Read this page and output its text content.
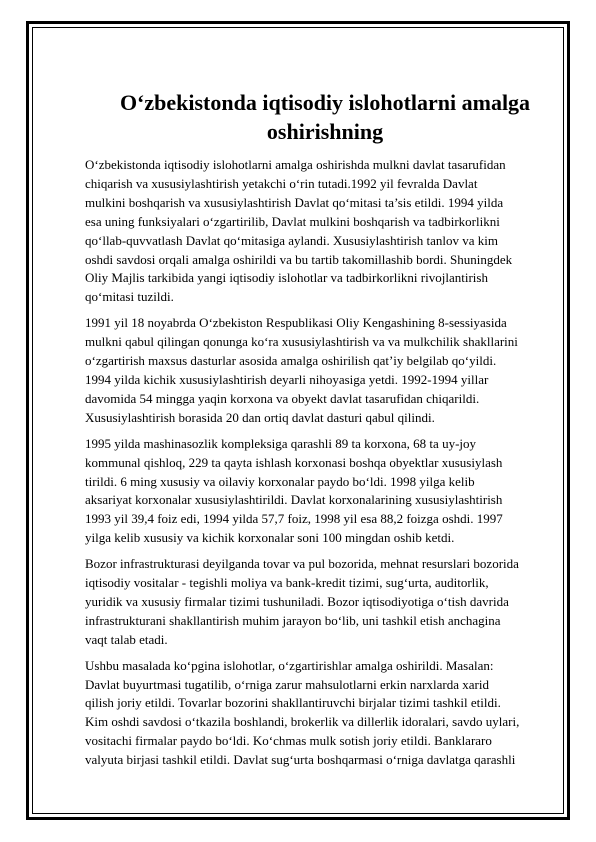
O‘zbekistonda iqtisodiy islohotlarni amalga
oshirishning

O‘zbekistonda iqtisodiy islohotlarni amalga oshirishda mulkni davlat tasarufidan
chiqarish va xususiylashtirish yetakchi o‘rin tutadi.1992 yil fevralda Davlat
mulkini boshqarish va xususiylashtirish Davlat qo‘mitasi ta’sis etildi. 1994 yilda
esa uning funksiyalari o‘zgartirilib, Davlat mulkini boshqarish va tadbirkorlikni
qo‘llab-quvvatlash Davlat qo‘mitasiga aylandi. Xususiylashtirish tanlov va kim
oshdi savdosi orqali amalga oshirildi va bu tartib takomillashib bordi. Shuningdek
Oliy Majlis tarkibida yangi iqtisodiy islohotlar va tadbirkorlikni rivojlantirish
qo‘mitasi tuzildi.

1991 yil 18 noyabrda O‘zbekiston Respublikasi Oliy Kengashining 8-sessiyasida
mulkni qabul qilingan qonunga ko‘ra xususiylashtirish va va mulkchilik shakllarini
o‘zgartirish maxsus dasturlar asosida amalga oshirilish qat’iy belgilab qo‘yildi.
1994 yilda kichik xususiylashtirish deyarli nihoyasiga yetdi. 1992-1994 yillar
davomida 54 mingga yaqin korxona va obyekt davlat tasarufidan chiqarildi.
Xususiylashtirish borasida 20 dan ortiq davlat dasturi qabul qilindi.

1995 yilda mashinasozlik kompleksiga qarashli 89 ta korxona, 68 ta uy-joy
kommunal qishloq, 229 ta qayta ishlash korxonasi boshqa obyektlar xususiylash
tirildi. 6 ming xususiy va oilaviy korxonalar paydo bo‘ldi. 1998 yilga kelib
aksariyat korxonalar xususiylashtirildi. Davlat korxonalarining xususiylashtirish
1993 yil 39,4 foiz edi, 1994 yilda 57,7 foiz, 1998 yil esa 88,2 foizga oshdi. 1997
yilga kelib xususiy va kichik korxonalar soni 100 mingdan oshib ketdi.

Bozor infrastrukturasi deyilganda tovar va pul bozorida, mehnat resurslari bozorida
iqtisodiy vositalar - tegishli moliya va bank-kredit tizimi, sug‘urta, auditorlik,
yuridik va xususiy firmalar tizimi tushuniladi. Bozor iqtisodiyotiga o‘tish davrida
infrastrukturani shakllantirish muhim jarayon bo‘lib, uni tashkil etish anchagina
vaqt talab etadi.

Ushbu masalada ko‘pgina islohotlar, o‘zgartirishlar amalga oshirildi. Masalan:
Davlat buyurtmasi tugatilib, o‘rniga zarur mahsulotlarni erkin narxlarda xarid
qilish joriy etildi. Tovarlar bozorini shakllantiruvchi birjalar tizimi tashkil etildi.
Kim oshdi savdosi o‘tkazila boshlandi, brokerlik va dillerlik idoralari, savdo uylari,
vositachi firmalar paydo bo‘ldi. Ko‘chmas mulk sotish joriy etildi. Banklararo
valyuta birjasi tashkil etildi. Davlat sug‘urta boshqarmasi o‘rniga davlatga qarashli
